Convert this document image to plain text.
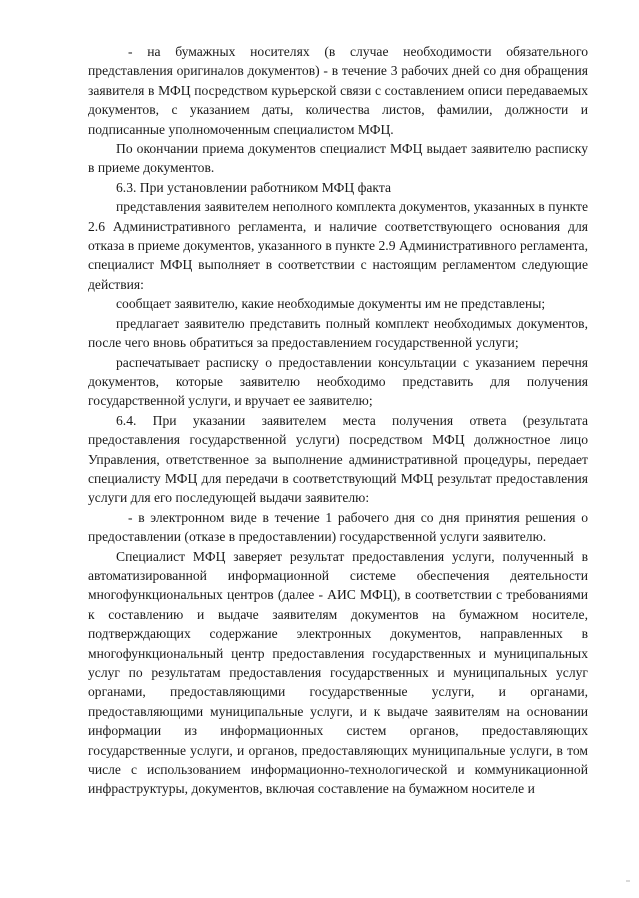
- на бумажных носителях (в случае необходимости обязательного представления оригиналов документов) - в течение 3 рабочих дней со дня обращения заявителя в МФЦ посредством курьерской связи с составлением описи передаваемых документов, с указанием даты, количества листов, фамилии, должности и подписанные уполномоченным специалистом МФЦ.

По окончании приема документов специалист МФЦ выдает заявителю расписку в приеме документов.

6.3. При установлении работником МФЦ факта

представления заявителем неполного комплекта документов, указанных в пункте 2.6 Административного регламента, и наличие соответствующего основания для отказа в приеме документов, указанного в пункте 2.9 Административного регламента, специалист МФЦ выполняет в соответствии с настоящим регламентом следующие действия:

сообщает заявителю, какие необходимые документы им не представлены;

предлагает заявителю представить полный комплект необходимых документов, после чего вновь обратиться за предоставлением государственной услуги;

распечатывает расписку о предоставлении консультации с указанием перечня документов, которые заявителю необходимо представить для получения государственной услуги, и вручает ее заявителю;

6.4. При указании заявителем места получения ответа (результата предоставления государственной услуги) посредством МФЦ должностное лицо Управления, ответственное за выполнение административной процедуры, передает специалисту МФЦ для передачи в соответствующий МФЦ результат предоставления услуги для его последующей выдачи заявителю:

- в электронном виде в течение 1 рабочего дня со дня принятия решения о предоставлении (отказе в предоставлении) государственной услуги заявителю.

Специалист МФЦ заверяет результат предоставления услуги, полученный в автоматизированной информационной системе обеспечения деятельности многофункциональных центров (далее - АИС МФЦ), в соответствии с требованиями к составлению и выдаче заявителям документов на бумажном носителе, подтверждающих содержание электронных документов, направленных в многофункциональный центр предоставления государственных и муниципальных услуг по результатам предоставления государственных и муниципальных услуг органами, предоставляющими государственные услуги, и органами, предоставляющими муниципальные услуги, и к выдаче заявителям на основании информации из информационных систем органов, предоставляющих государственные услуги, и органов, предоставляющих муниципальные услуги, в том числе с использованием информационно-технологической и коммуникационной инфраструктуры, документов, включая составление на бумажном носителе и
